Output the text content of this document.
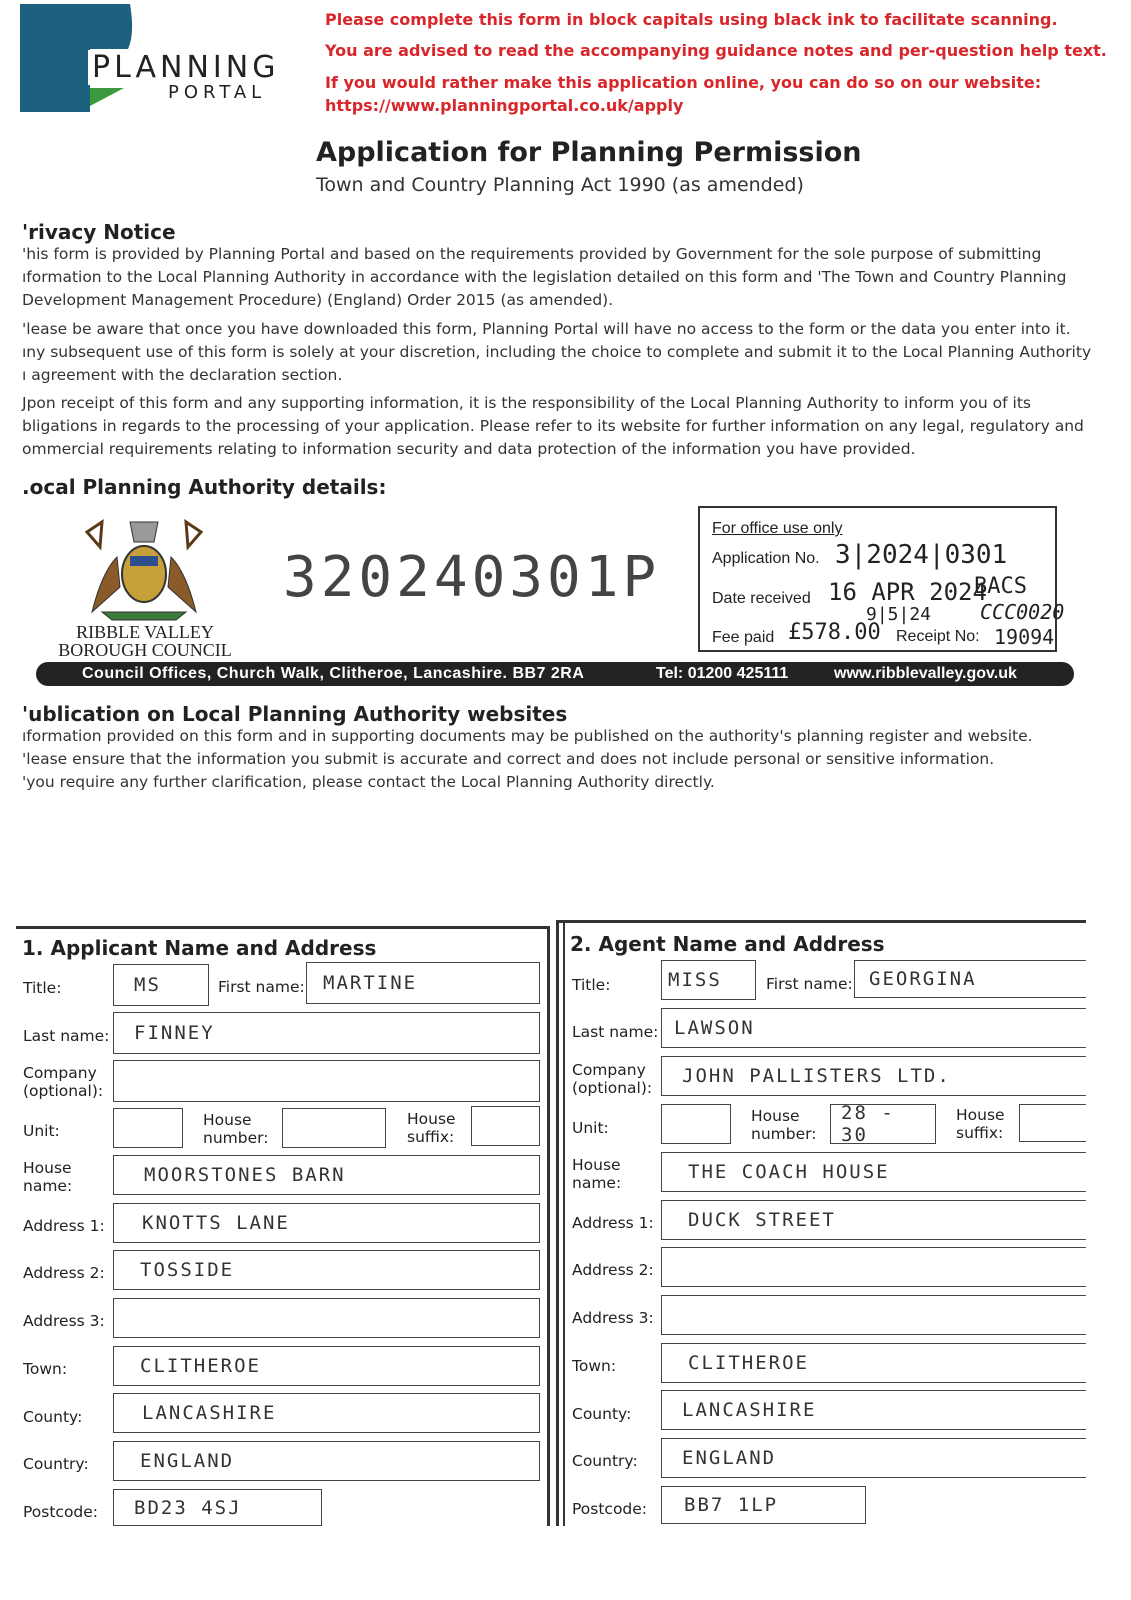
PLANNING
PORTAL
Please complete this form in block capitals using black ink to facilitate scanning.
You are advised to read the accompanying guidance notes and per-question help text.
If you would rather make this application online, you can do so on our website:
https://www.planningportal.co.uk/apply
Application for Planning Permission
Town and Country Planning Act 1990 (as amended)
'rivacy Notice
'his form is provided by Planning Portal and based on the requirements provided by Government for the sole purpose of submitting
ıformation to the Local Planning Authority in accordance with the legislation detailed on this form and 'The Town and Country Planning
Development Management Procedure) (England) Order 2015 (as amended).
'lease be aware that once you have downloaded this form, Planning Portal will have no access to the form or the data you enter into it.
ıny subsequent use of this form is solely at your discretion, including the choice to complete and submit it to the Local Planning Authority
ı agreement with the declaration section.
Jpon receipt of this form and any supporting information, it is the responsibility of the Local Planning Authority to inform you of its
bligations in regards to the processing of your application. Please refer to its website for further information on any legal, regulatory and
ommercial requirements relating to information security and data protection of the information you have provided.
.ocal Planning Authority details:
RIBBLE VALLEY
BOROUGH COUNCIL
320240301P
For office use only
Application No. 3|2024|0301
Date received 16 APR 2024
BACS
9|5|24
Fee paid £578.00 Receipt No: 19094
CCC0020
Council Offices, Church Walk, Clitheroe, Lancashire. BB7 2RA	Tel: 01200 425111	www.ribblevalley.gov.uk
'ublication on Local Planning Authority websites
ıformation provided on this form and in supporting documents may be published on the authority's planning register and website.
'lease ensure that the information you submit is accurate and correct and does not include personal or sensitive information.
'you require any further clarification, please contact the Local Planning Authority directly.
1. Applicant Name and Address
Title:	MS	First name: MARTINE
Last name: FINNEY
Company
(optional):
Unit:
House
number:
House
suffix:
House
name:	MOORSTONES BARN
Address 1: KNOTTS LANE
Address 2: TOSSIDE
Address 3:
Town:	CLITHEROE
County:	LANCASHIRE
Country:	ENGLAND
Postcode: BD23 4SJ
2. Agent Name and Address
Title:	MISS	First name: GEORGINA
Last name: LAWSON
Company
(optional):
JOHN PALLISTERS LTD.
Unit:
House
number:
28 - 30
House
suffix:
House
name:	THE COACH HOUSE
Address 1: DUCK STREET
Address 2:
Address 3:
Town:	CLITHEROE
County:	LANCASHIRE
Country: ENGLAND
Postcode: BB7 1LP
